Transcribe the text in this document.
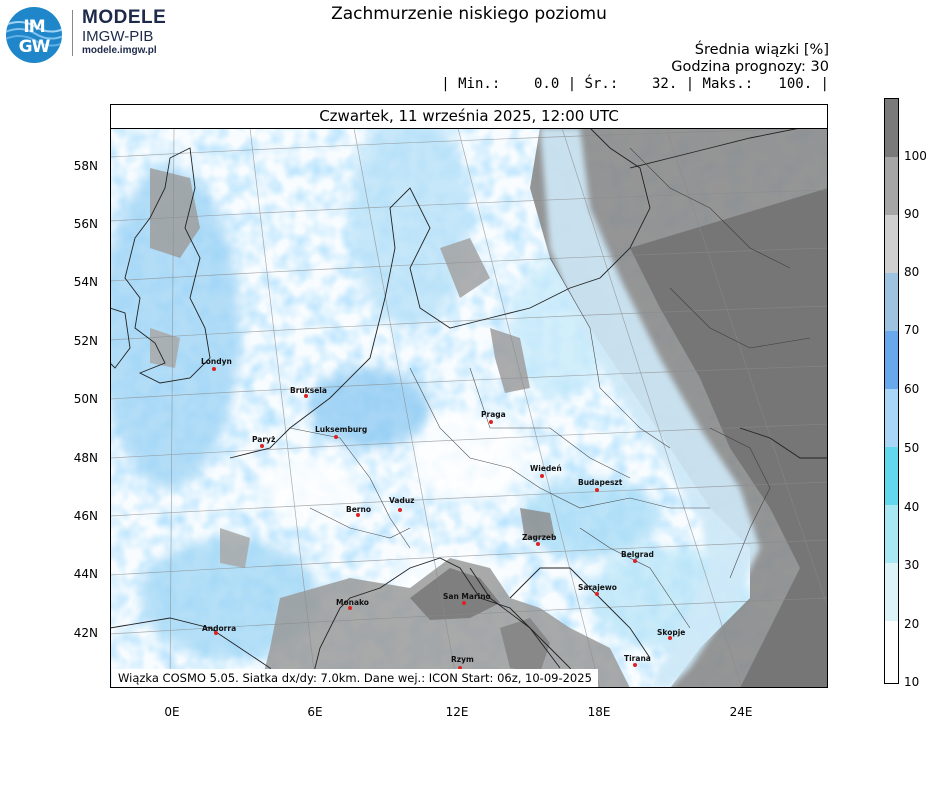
IM
GW
MODELE
IMGW-PIB
modele.imgw.pl
Zachmurzenie niskiego poziomu
Średnia wiązki [%]
Godzina prognozy: 30
| Min.:    0.0 | Śr.:    32. | Maks.:   100. |
Czwartek, 11 września 2025, 12:00 UTC
Londyn
Bruksela
Paryż
Luksemburg
Praga
Wiedeń
Budapeszt
Berno
Vaduz
Zagrzeb
Belgrad
Sarajewo
Monako
San Marino
Andorra	Skopje
Tirana
Rzym
Wiązka COSMO 5.05. Siatka dx/dy: 7.0km. Dane wej.: ICON Start: 06z, 10-09-2025
58N
56N
54N
52N
50N
48N
46N
44N
42N
0E	6E	12E	18E	24E
100
90
80
70
60
50
40
30
20
10
